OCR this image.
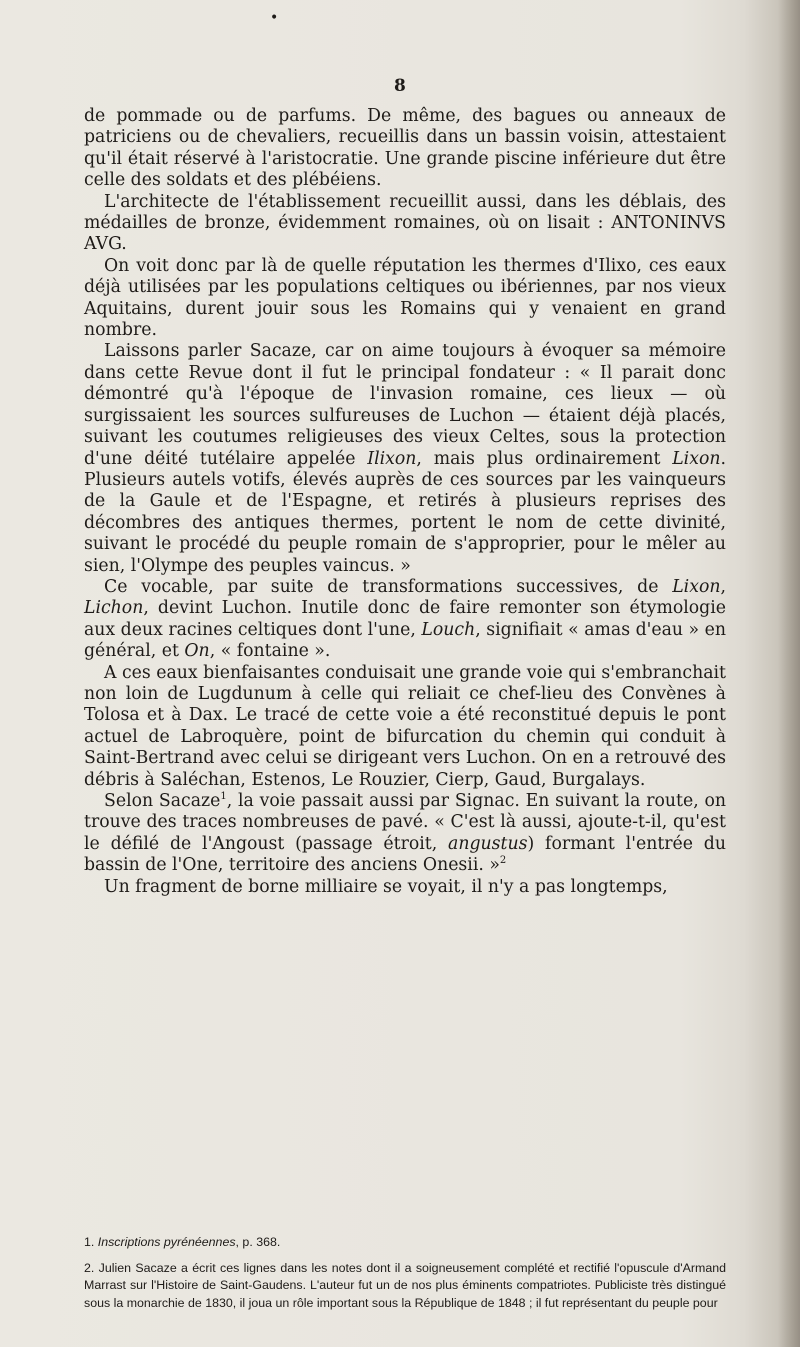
•

8

de pommade ou de parfums. De même, des bagues ou anneaux de patriciens ou de chevaliers, recueillis dans un bassin voisin, attestaient qu'il était réservé à l'aristocratie. Une grande piscine inférieure dut être celle des soldats et des plébéiens.

L'architecte de l'établissement recueillit aussi, dans les déblais, des médailles de bronze, évidemment romaines, où on lisait : ANTONINVS AVG.

On voit donc par là de quelle réputation les thermes d'Ilixo, ces eaux déjà utilisées par les populations celtiques ou ibériennes, par nos vieux Aquitains, durent jouir sous les Romains qui y venaient en grand nombre.

Laissons parler Sacaze, car on aime toujours à évoquer sa mémoire dans cette Revue dont il fut le principal fondateur : « Il parait donc démontré qu'à l'époque de l'invasion romaine, ces lieux — où surgissaient les sources sulfureuses de Luchon — étaient déjà placés, suivant les coutumes religieuses des vieux Celtes, sous la protection d'une déité tutélaire appelée Ilixon, mais plus ordinairement Lixon. Plusieurs autels votifs, élevés auprès de ces sources par les vainqueurs de la Gaule et de l'Espagne, et retirés à plusieurs reprises des décombres des antiques thermes, portent le nom de cette divinité, suivant le procédé du peuple romain de s'approprier, pour le mêler au sien, l'Olympe des peuples vaincus. »

Ce vocable, par suite de transformations successives, de Lixon, Lichon, devint Luchon. Inutile donc de faire remonter son étymologie aux deux racines celtiques dont l'une, Louch, signifiait « amas d'eau » en général, et On, « fontaine ».

A ces eaux bienfaisantes conduisait une grande voie qui s'embranchait non loin de Lugdunum à celle qui reliait ce chef-lieu des Convènes à Tolosa et à Dax. Le tracé de cette voie a été reconstitué depuis le pont actuel de Labroquère, point de bifurcation du chemin qui conduit à Saint-Bertrand avec celui se dirigeant vers Luchon. On en a retrouvé des débris à Saléchan, Estenos, Le Rouzier, Cierp, Gaud, Burgalays.

Selon Sacaze$^1$, la voie passait aussi par Signac. En suivant la route, on trouve des traces nombreuses de pavé. « C'est là aussi, ajoute-t-il, qu'est le défilé de l'Angoust (passage étroit, angustus) formant l'entrée du bassin de l'One, territoire des anciens Onesii. »$^2$

Un fragment de borne milliaire se voyait, il n'y a pas longtemps,

1. Inscriptions pyrénéennes, p. 368.

2. Julien Sacaze a écrit ces lignes dans les notes dont il a soigneusement complété et rectifié l'opuscule d'Armand Marrast sur l'Histoire de Saint-Gaudens. L'auteur fut un de nos plus éminents compatriotes. Publiciste très distingué sous la monarchie de 1830, il joua un rôle important sous la République de 1848 ; il fut représentant du peuple pour
